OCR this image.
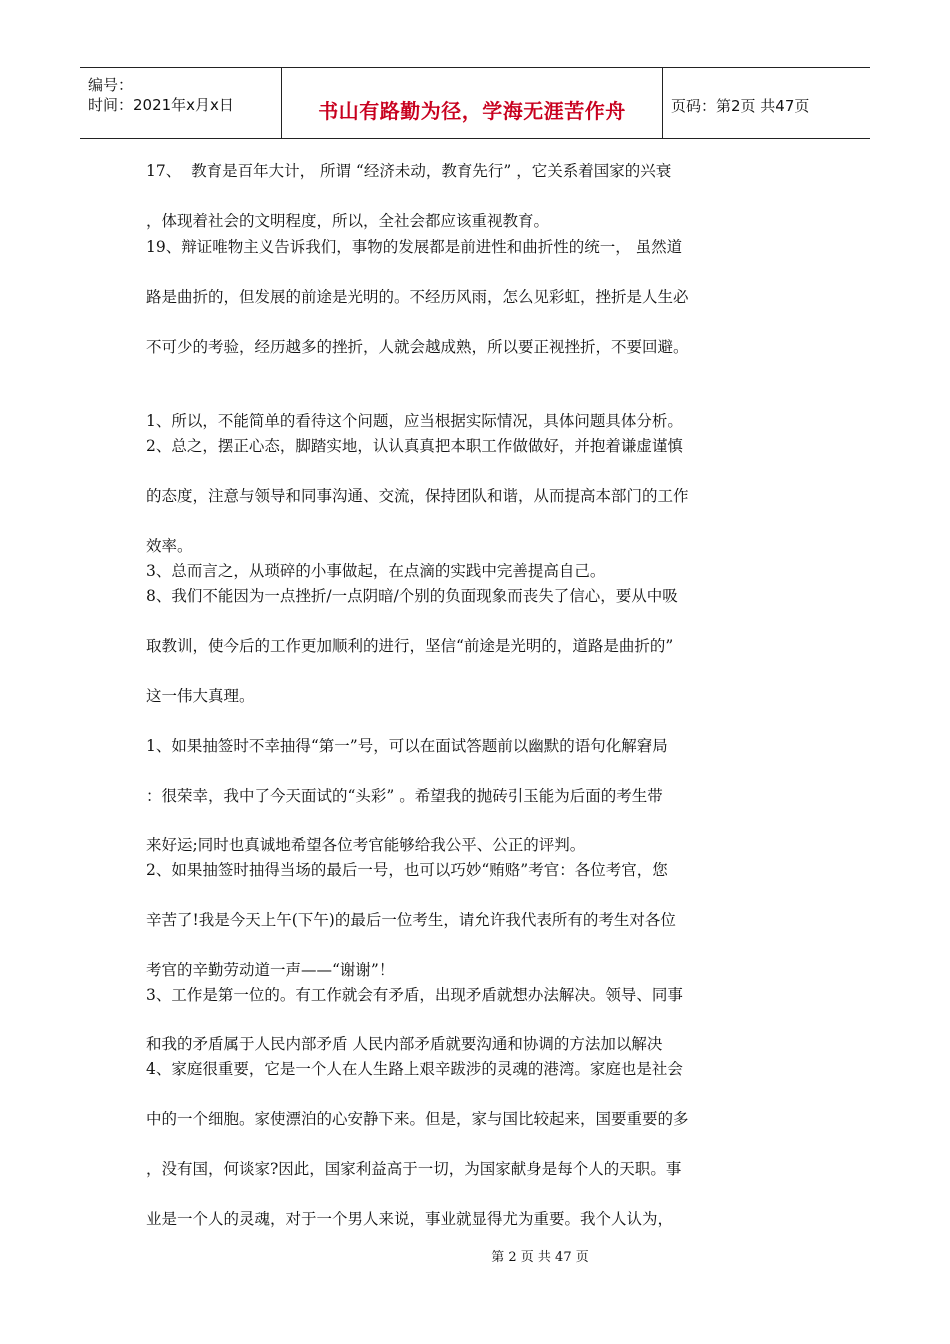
编号：
时间：2021年x月x日	书山有路勤为径，学海无涯苦作舟	页码：第2页 共47页
17、  教育是百年大计， 所谓 “经济未动，教育先行” ，它关系着国家的兴衰
，体现着社会的文明程度，所以，全社会都应该重视教育。
19、辩证唯物主义告诉我们，事物的发展都是前进性和曲折性的统一， 虽然道
路是曲折的，但发展的前途是光明的。不经历风雨，怎么见彩虹，挫折是人生必
不可少的考验，经历越多的挫折，人就会越成熟，所以要正视挫折，不要回避。
1、所以，不能简单的看待这个问题，应当根据实际情况，具体问题具体分析。
2、总之，摆正心态，脚踏实地，认认真真把本职工作做做好，并抱着谦虚谨慎
的态度，注意与领导和同事沟通、交流，保持团队和谐，从而提高本部门的工作
效率。
3、总而言之，从琐碎的小事做起，在点滴的实践中完善提高自己。
8、我们不能因为一点挫折/一点阴暗/个别的负面现象而丧失了信心，要从中吸
取教训，使今后的工作更加顺利的进行，坚信“前途是光明的，道路是曲折的”
这一伟大真理。
1、如果抽签时不幸抽得“第一”号，可以在面试答题前以幽默的语句化解窘局
：很荣幸，我中了今天面试的“头彩” 。希望我的抛砖引玉能为后面的考生带
来好运;同时也真诚地希望各位考官能够给我公平、公正的评判。
2、如果抽签时抽得当场的最后一号，也可以巧妙“贿赂”考官：各位考官，您
辛苦了!我是今天上午(下午)的最后一位考生，请允许我代表所有的考生对各位
考官的辛勤劳动道一声——“谢谢”！
3、工作是第一位的。有工作就会有矛盾，出现矛盾就想办法解决。领导、同事
和我的矛盾属于人民内部矛盾 人民内部矛盾就要沟通和协调的方法加以解决
4、家庭很重要，它是一个人在人生路上艰辛跋涉的灵魂的港湾。家庭也是社会
中的一个细胞。家使漂泊的心安静下来。但是，家与国比较起来，国要重要的多
，没有国，何谈家?因此，国家利益高于一切，为国家献身是每个人的天职。事
业是一个人的灵魂，对于一个男人来说，事业就显得尤为重要。我个人认为，
第 2 页 共 47 页
